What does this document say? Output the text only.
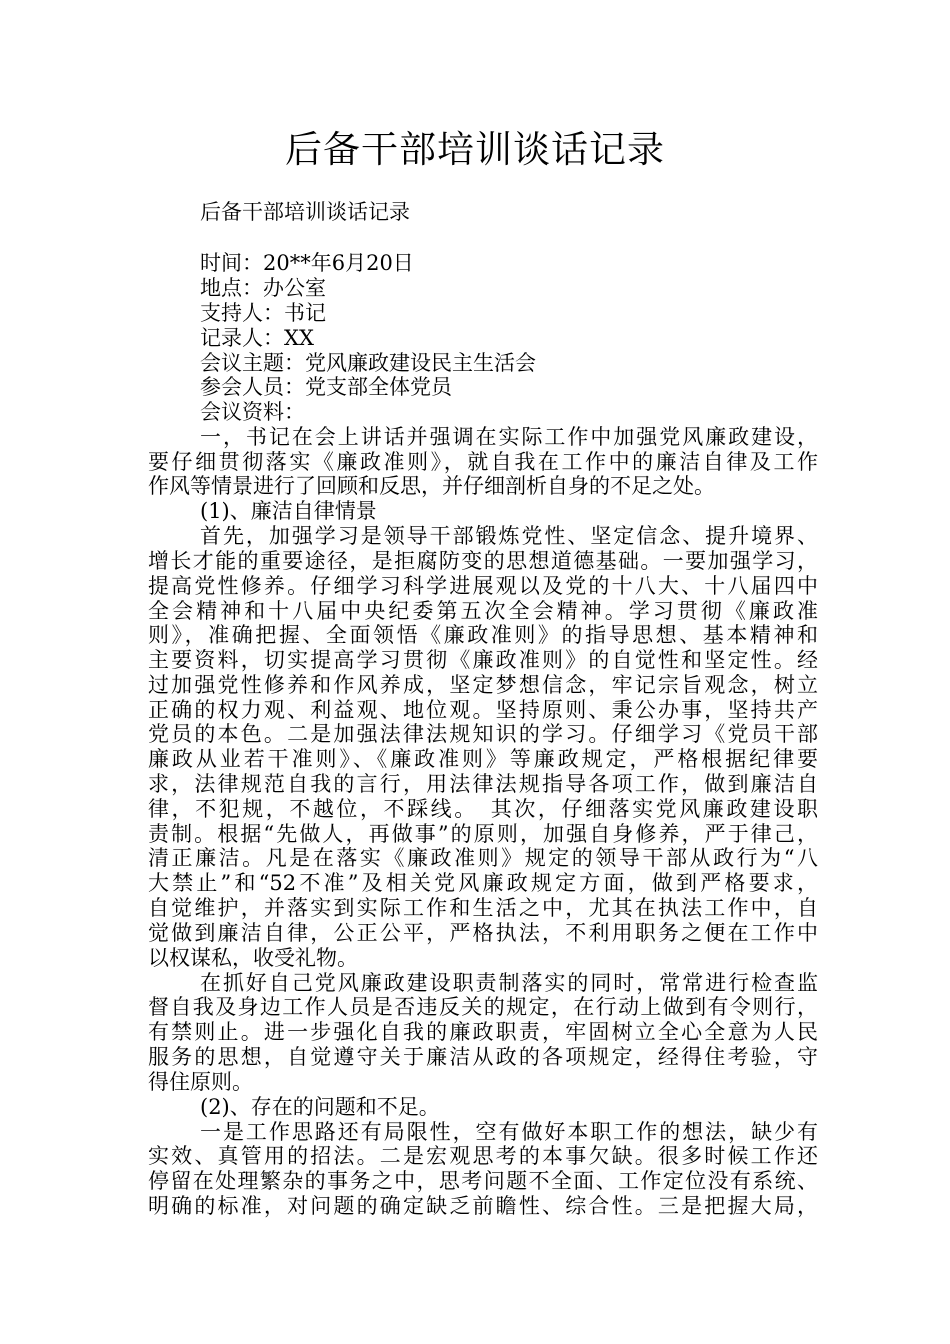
后备干部培训谈话记录
后备干部培训谈话记录
时间：20**年6月20日
地点：办公室
支持人：书记
记录人：XX
会议主题：党风廉政建设民主生活会
参会人员：党支部全体党员
会议资料：
一，书记在会上讲话并强调在实际工作中加强党风廉政建设，
要仔细贯彻落实《廉政准则》，就自我在工作中的廉洁自律及工作
作风等情景进行了回顾和反思，并仔细剖析自身的不足之处。
(1)、廉洁自律情景
首先，加强学习是领导干部锻炼党性、坚定信念、提升境界、
增长才能的重要途径，是拒腐防变的思想道德基础。一要加强学习，
提高党性修养。仔细学习科学进展观以及党的十八大、十八届四中
全会精神和十八届中央纪委第五次全会精神。学习贯彻《廉政准
则》，准确把握、全面领悟《廉政准则》的指导思想、基本精神和
主要资料，切实提高学习贯彻《廉政准则》的自觉性和坚定性。经
过加强党性修养和作风养成，坚定梦想信念，牢记宗旨观念，树立
正确的权力观、利益观、地位观。坚持原则、秉公办事，坚持共产
党员的本色。二是加强法律法规知识的学习。仔细学习《党员干部
廉政从业若干准则》、《廉政准则》等廉政规定，严格根据纪律要
求，法律规范自我的言行，用法律法规指导各项工作，做到廉洁自
律，不犯规，不越位，不踩线。　其次，仔细落实党风廉政建设职
责制。根据“先做人，再做事”的原则，加强自身修养，严于律己，
清正廉洁。凡是在落实《廉政准则》规定的领导干部从政行为“八
大禁止”和“52不准”及相关党风廉政规定方面，做到严格要求，
自觉维护，并落实到实际工作和生活之中，尤其在执法工作中，自
觉做到廉洁自律，公正公平，严格执法，不利用职务之便在工作中
以权谋私，收受礼物。
在抓好自己党风廉政建设职责制落实的同时，常常进行检查监
督自我及身边工作人员是否违反关的规定，在行动上做到有令则行，
有禁则止。进一步强化自我的廉政职责，牢固树立全心全意为人民
服务的思想，自觉遵守关于廉洁从政的各项规定，经得住考验，守
得住原则。
(2)、存在的问题和不足。
一是工作思路还有局限性，空有做好本职工作的想法，缺少有
实效、真管用的招法。二是宏观思考的本事欠缺。很多时候工作还
停留在处理繁杂的事务之中，思考问题不全面、工作定位没有系统、
明确的标准，对问题的确定缺乏前瞻性、综合性。三是把握大局，
